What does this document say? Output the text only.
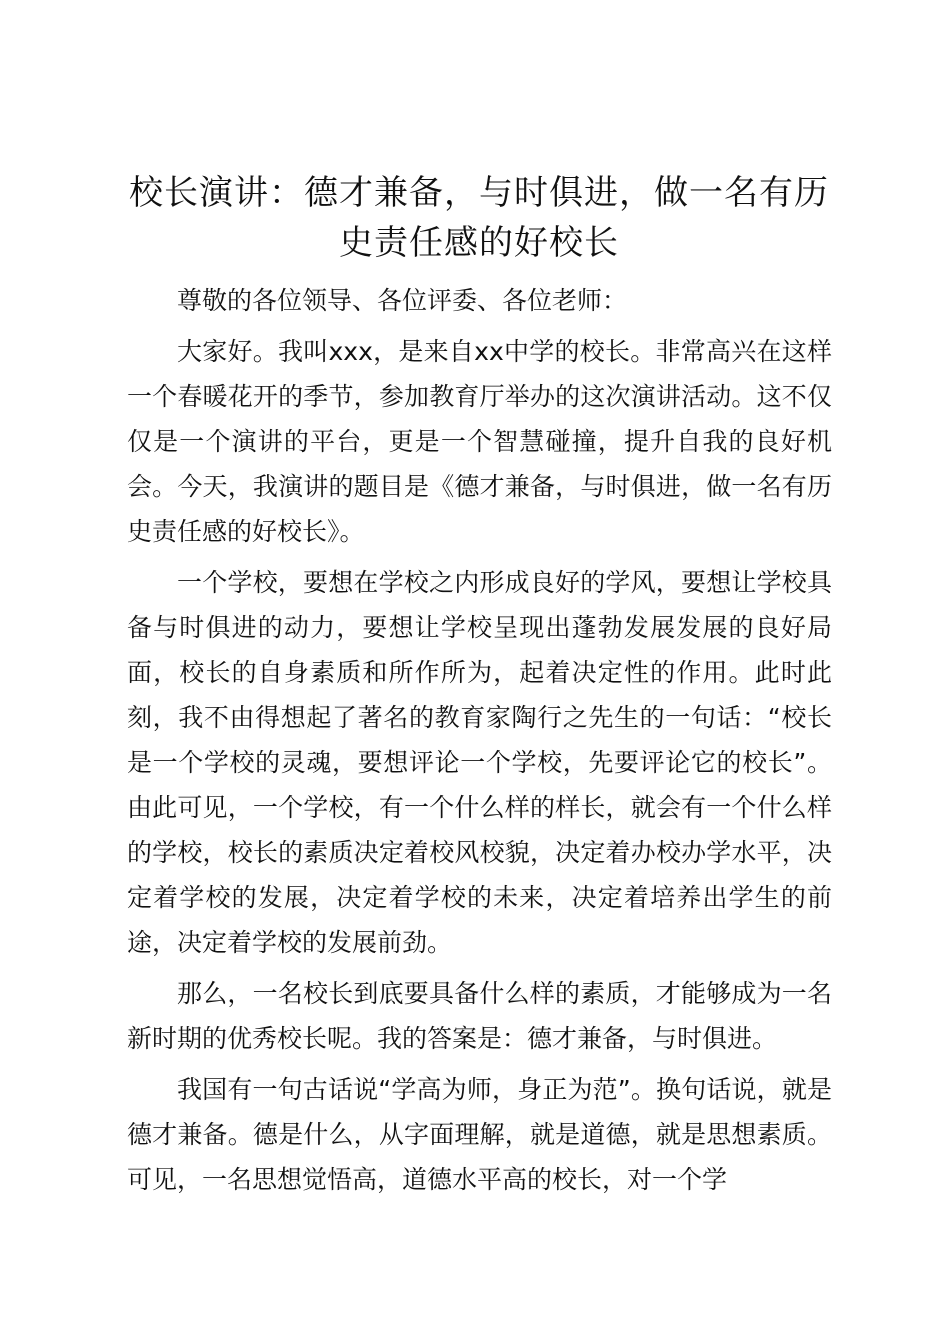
校长演讲：德才兼备，与时俱进，做一名有历史责任感的好校长

尊敬的各位领导、各位评委、各位老师：

大家好。我叫xxx，是来自xx中学的校长。非常高兴在这样一个春暖花开的季节，参加教育厅举办的这次演讲活动。这不仅仅是一个演讲的平台，更是一个智慧碰撞，提升自我的良好机会。今天，我演讲的题目是《德才兼备，与时俱进，做一名有历史责任感的好校长》。

一个学校，要想在学校之内形成良好的学风，要想让学校具备与时俱进的动力，要想让学校呈现出蓬勃发展发展的良好局面，校长的自身素质和所作所为，起着决定性的作用。此时此刻，我不由得想起了著名的教育家陶行之先生的一句话：“校长是一个学校的灵魂，要想评论一个学校，先要评论它的校长”。由此可见，一个学校，有一个什么样的样长，就会有一个什么样的学校，校长的素质决定着校风校貌，决定着办校办学水平，决定着学校的发展，决定着学校的未来，决定着培养出学生的前途，决定着学校的发展前劲。

那么，一名校长到底要具备什么样的素质，才能够成为一名新时期的优秀校长呢。我的答案是：德才兼备，与时俱进。

我国有一句古话说“学高为师，身正为范”。换句话说，就是德才兼备。德是什么，从字面理解，就是道德，就是思想素质。可见，一名思想觉悟高，道德水平高的校长，对一个学
